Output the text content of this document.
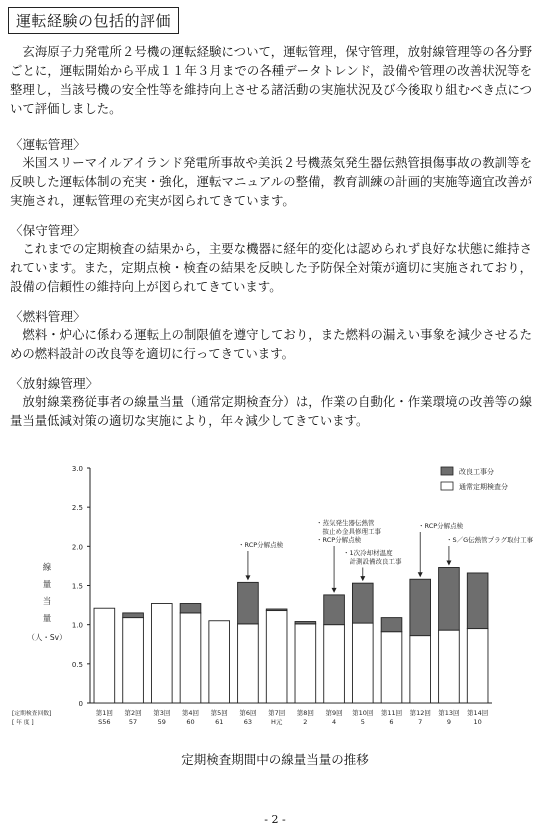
運転経験の包括的評価

玄海原子力発電所２号機の運転経験について，運転管理，保守管理，放射線管理等の各分野ごとに，運転開始から平成１１年３月までの各種データトレンド，設備や管理の改善状況等を整理し，当該号機の安全性等を維持向上させる諸活動の実施状況及び今後取り組むべき点について評価しました。

〈運転管理〉

米国スリーマイルアイランド発電所事故や美浜２号機蒸気発生器伝熱管損傷事故の教訓等を反映した運転体制の充実・強化，運転マニュアルの整備，教育訓練の計画的実施等適宜改善が実施され，運転管理の充実が図られてきています。

〈保守管理〉

これまでの定期検査の結果から，主要な機器に経年的変化は認められず良好な状態に維持されています。また，定期点検・検査の結果を反映した予防保全対策が適切に実施されており，設備の信頼性の維持向上が図られてきています。

〈燃料管理〉

燃料・炉心に係わる運転上の制限値を遵守しており，また燃料の漏えい事象を減少させるための燃料設計の改良等を適切に行ってきています。

〈放射線管理〉

放射線業務従事者の線量当量（通常定期検査分）は，作業の自動化・作業環境の改善等の線量当量低減対策の適切な実施により，年々減少してきています。

0
0.5
1.0
1.5
2.0
2.5
3.0
線
量
当
量
（人・Sv）
第1回
S56
第2回
57
第3回
59
第4回
60
第5回
61
第6回
63
第7回
H元
第8回
2
第9回
4
第10回
5
第11回
6
第12回
7
第13回
9
第14回
10
[定期検査回数]
[ 年 度 ]
改良工事分
通常定期検査分
・RCP分解点検
・蒸気発生器伝熱管
　抜止め金具修理工事
・RCP分解点検
・1次冷却材温度
　計測設備改良工事
・RCP分解点検
・S／G伝熱管プラグ取付工事
定期検査期間中の線量当量の推移
- 2 -
